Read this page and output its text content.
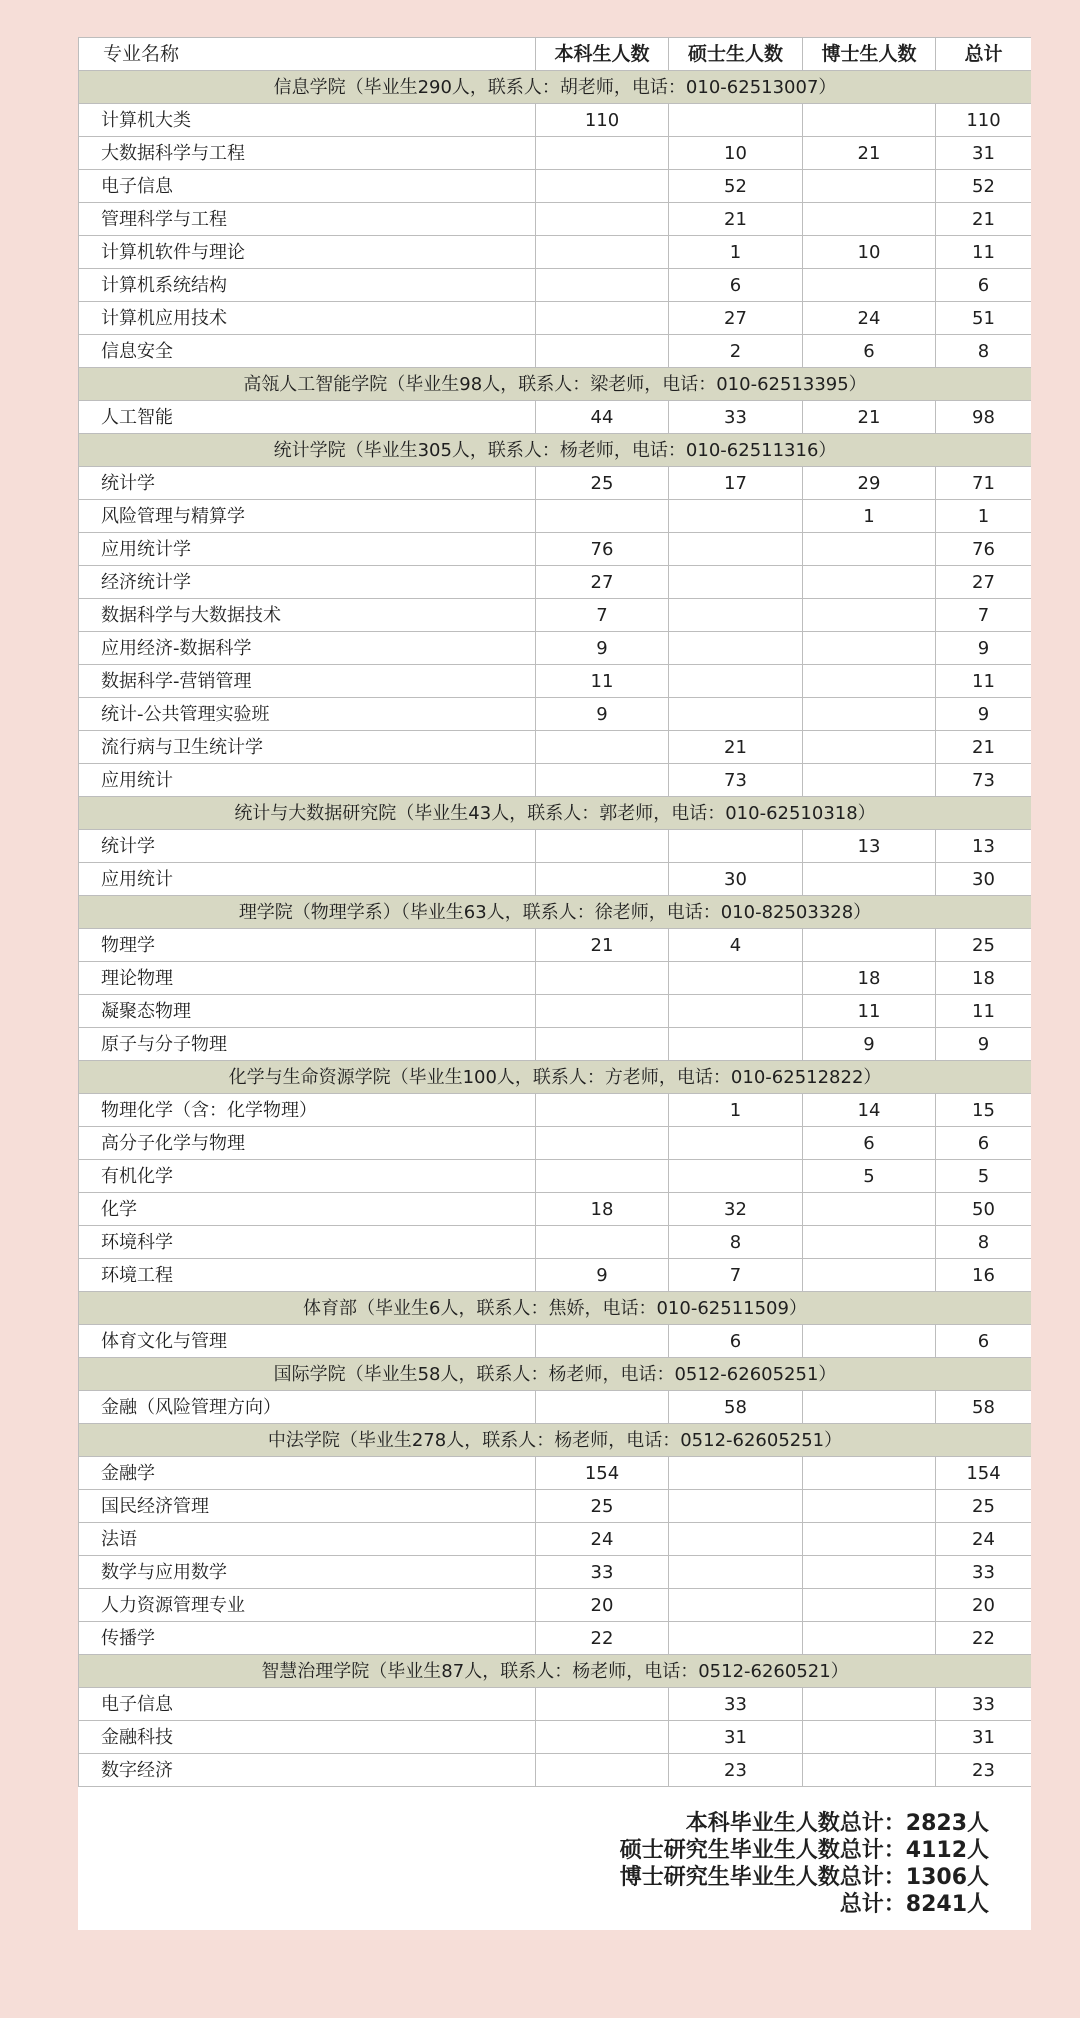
专业名称	本科生人数	硕士生人数	博士生人数	总计
信息学院（毕业生290人，联系人：胡老师，电话：010-62513007）				
计算机大类	110			110
大数据科学与工程		10	21	31
电子信息		52		52
管理科学与工程		21		21
计算机软件与理论		1	10	11
计算机系统结构		6		6
计算机应用技术		27	24	51
信息安全		2	6	8
高瓴人工智能学院（毕业生98人，联系人：梁老师，电话：010-62513395）				
人工智能	44	33	21	98
统计学院（毕业生305人，联系人：杨老师，电话：010-62511316）				
统计学	25	17	29	71
风险管理与精算学			1	1
应用统计学	76			76
经济统计学	27			27
数据科学与大数据技术	7			7
应用经济-数据科学	9			9
数据科学-营销管理	11			11
统计-公共管理实验班	9			9
流行病与卫生统计学		21		21
应用统计		73		73
统计与大数据研究院（毕业生43人，联系人：郭老师，电话：010-62510318）				
统计学			13	13
应用统计		30		30
理学院（物理学系）（毕业生63人，联系人：徐老师，电话：010-82503328）				
物理学	21	4		25
理论物理			18	18
凝聚态物理			11	11
原子与分子物理			9	9
化学与生命资源学院（毕业生100人，联系人：方老师，电话：010-62512822）				
物理化学（含：化学物理）		1	14	15
高分子化学与物理			6	6
有机化学			5	5
化学	18	32		50
环境科学		8		8
环境工程	9	7		16
体育部（毕业生6人，联系人：焦娇，电话：010-62511509）				
体育文化与管理		6		6
国际学院（毕业生58人，联系人：杨老师，电话：0512-62605251）				
金融（风险管理方向）		58		58
中法学院（毕业生278人，联系人：杨老师，电话：0512-62605251）				
金融学	154			154
国民经济管理	25			25
法语	24			24
数学与应用数学	33			33
人力资源管理专业	20			20
传播学	22			22
智慧治理学院（毕业生87人，联系人：杨老师，电话：0512-6260521）				
电子信息		33		33
金融科技		31		31
数字经济		23		23
本科毕业生人数总计：2823人
硕士研究生毕业生人数总计：4112人
博士研究生毕业生人数总计：1306人
总计：8241人
